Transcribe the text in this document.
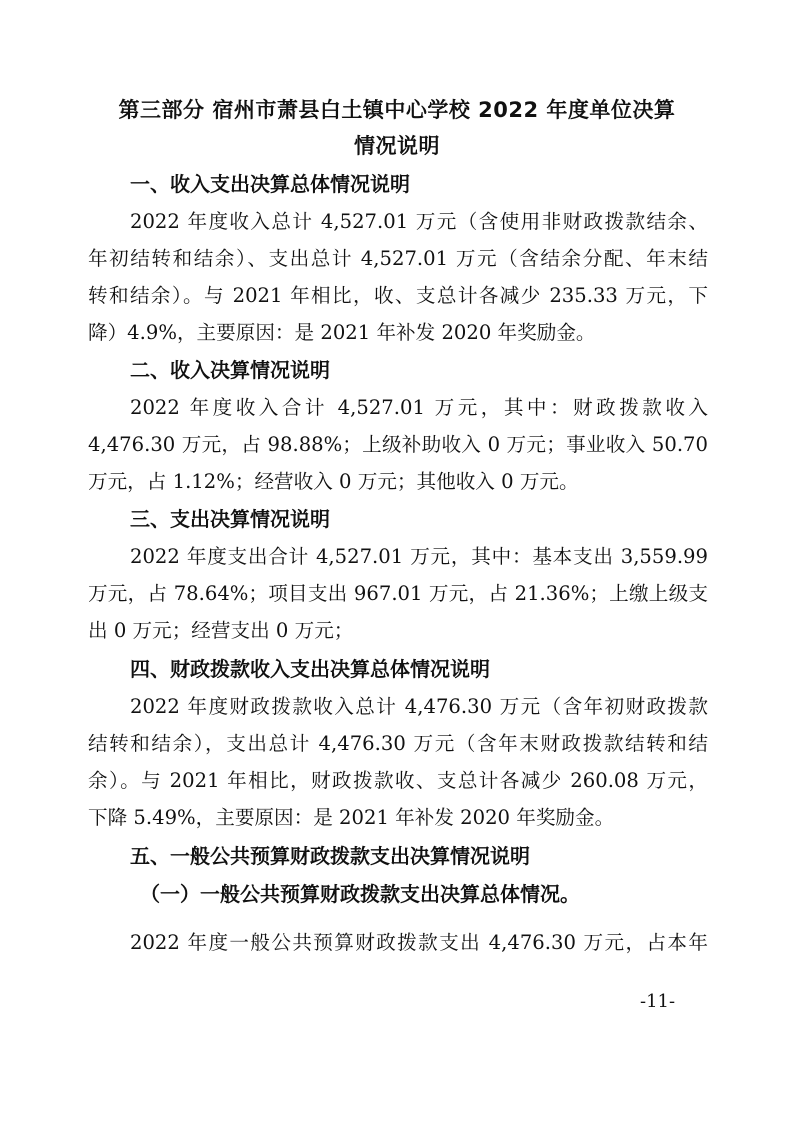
第三部分 宿州市萧县白土镇中心学校 2022 年度单位决算
情况说明
一、收入支出决算总体情况说明
2022 年度收入总计 4,527.01 万元（含使用非财政拨款结余、
年初结转和结余）、支出总计 4,527.01 万元（含结余分配、年末结
转和结余）。与 2021 年相比，收、支总计各减少 235.33 万元，下
降）4.9%，主要原因：是 2021 年补发 2020 年奖励金。
二、收入决算情况说明
2022 年度收入合计 4,527.01 万元，其中：财政拨款收入
4,476.30 万元，占 98.88%；上级补助收入 0 万元；事业收入 50.70
万元，占 1.12%；经营收入 0 万元；其他收入 0 万元。
三、支出决算情况说明
2022 年度支出合计 4,527.01 万元，其中：基本支出 3,559.99
万元，占 78.64%；项目支出 967.01 万元，占 21.36%；上缴上级支
出 0 万元；经营支出 0 万元；
四、财政拨款收入支出决算总体情况说明
2022 年度财政拨款收入总计 4,476.30 万元（含年初财政拨款
结转和结余），支出总计 4,476.30 万元（含年末财政拨款结转和结
余）。与 2021 年相比，财政拨款收、支总计各减少 260.08 万元，
下降 5.49%，主要原因：是 2021 年补发 2020 年奖励金。
五、一般公共预算财政拨款支出决算情况说明
（一）一般公共预算财政拨款支出决算总体情况。
2022 年度一般公共预算财政拨款支出 4,476.30 万元，占本年
-11-
